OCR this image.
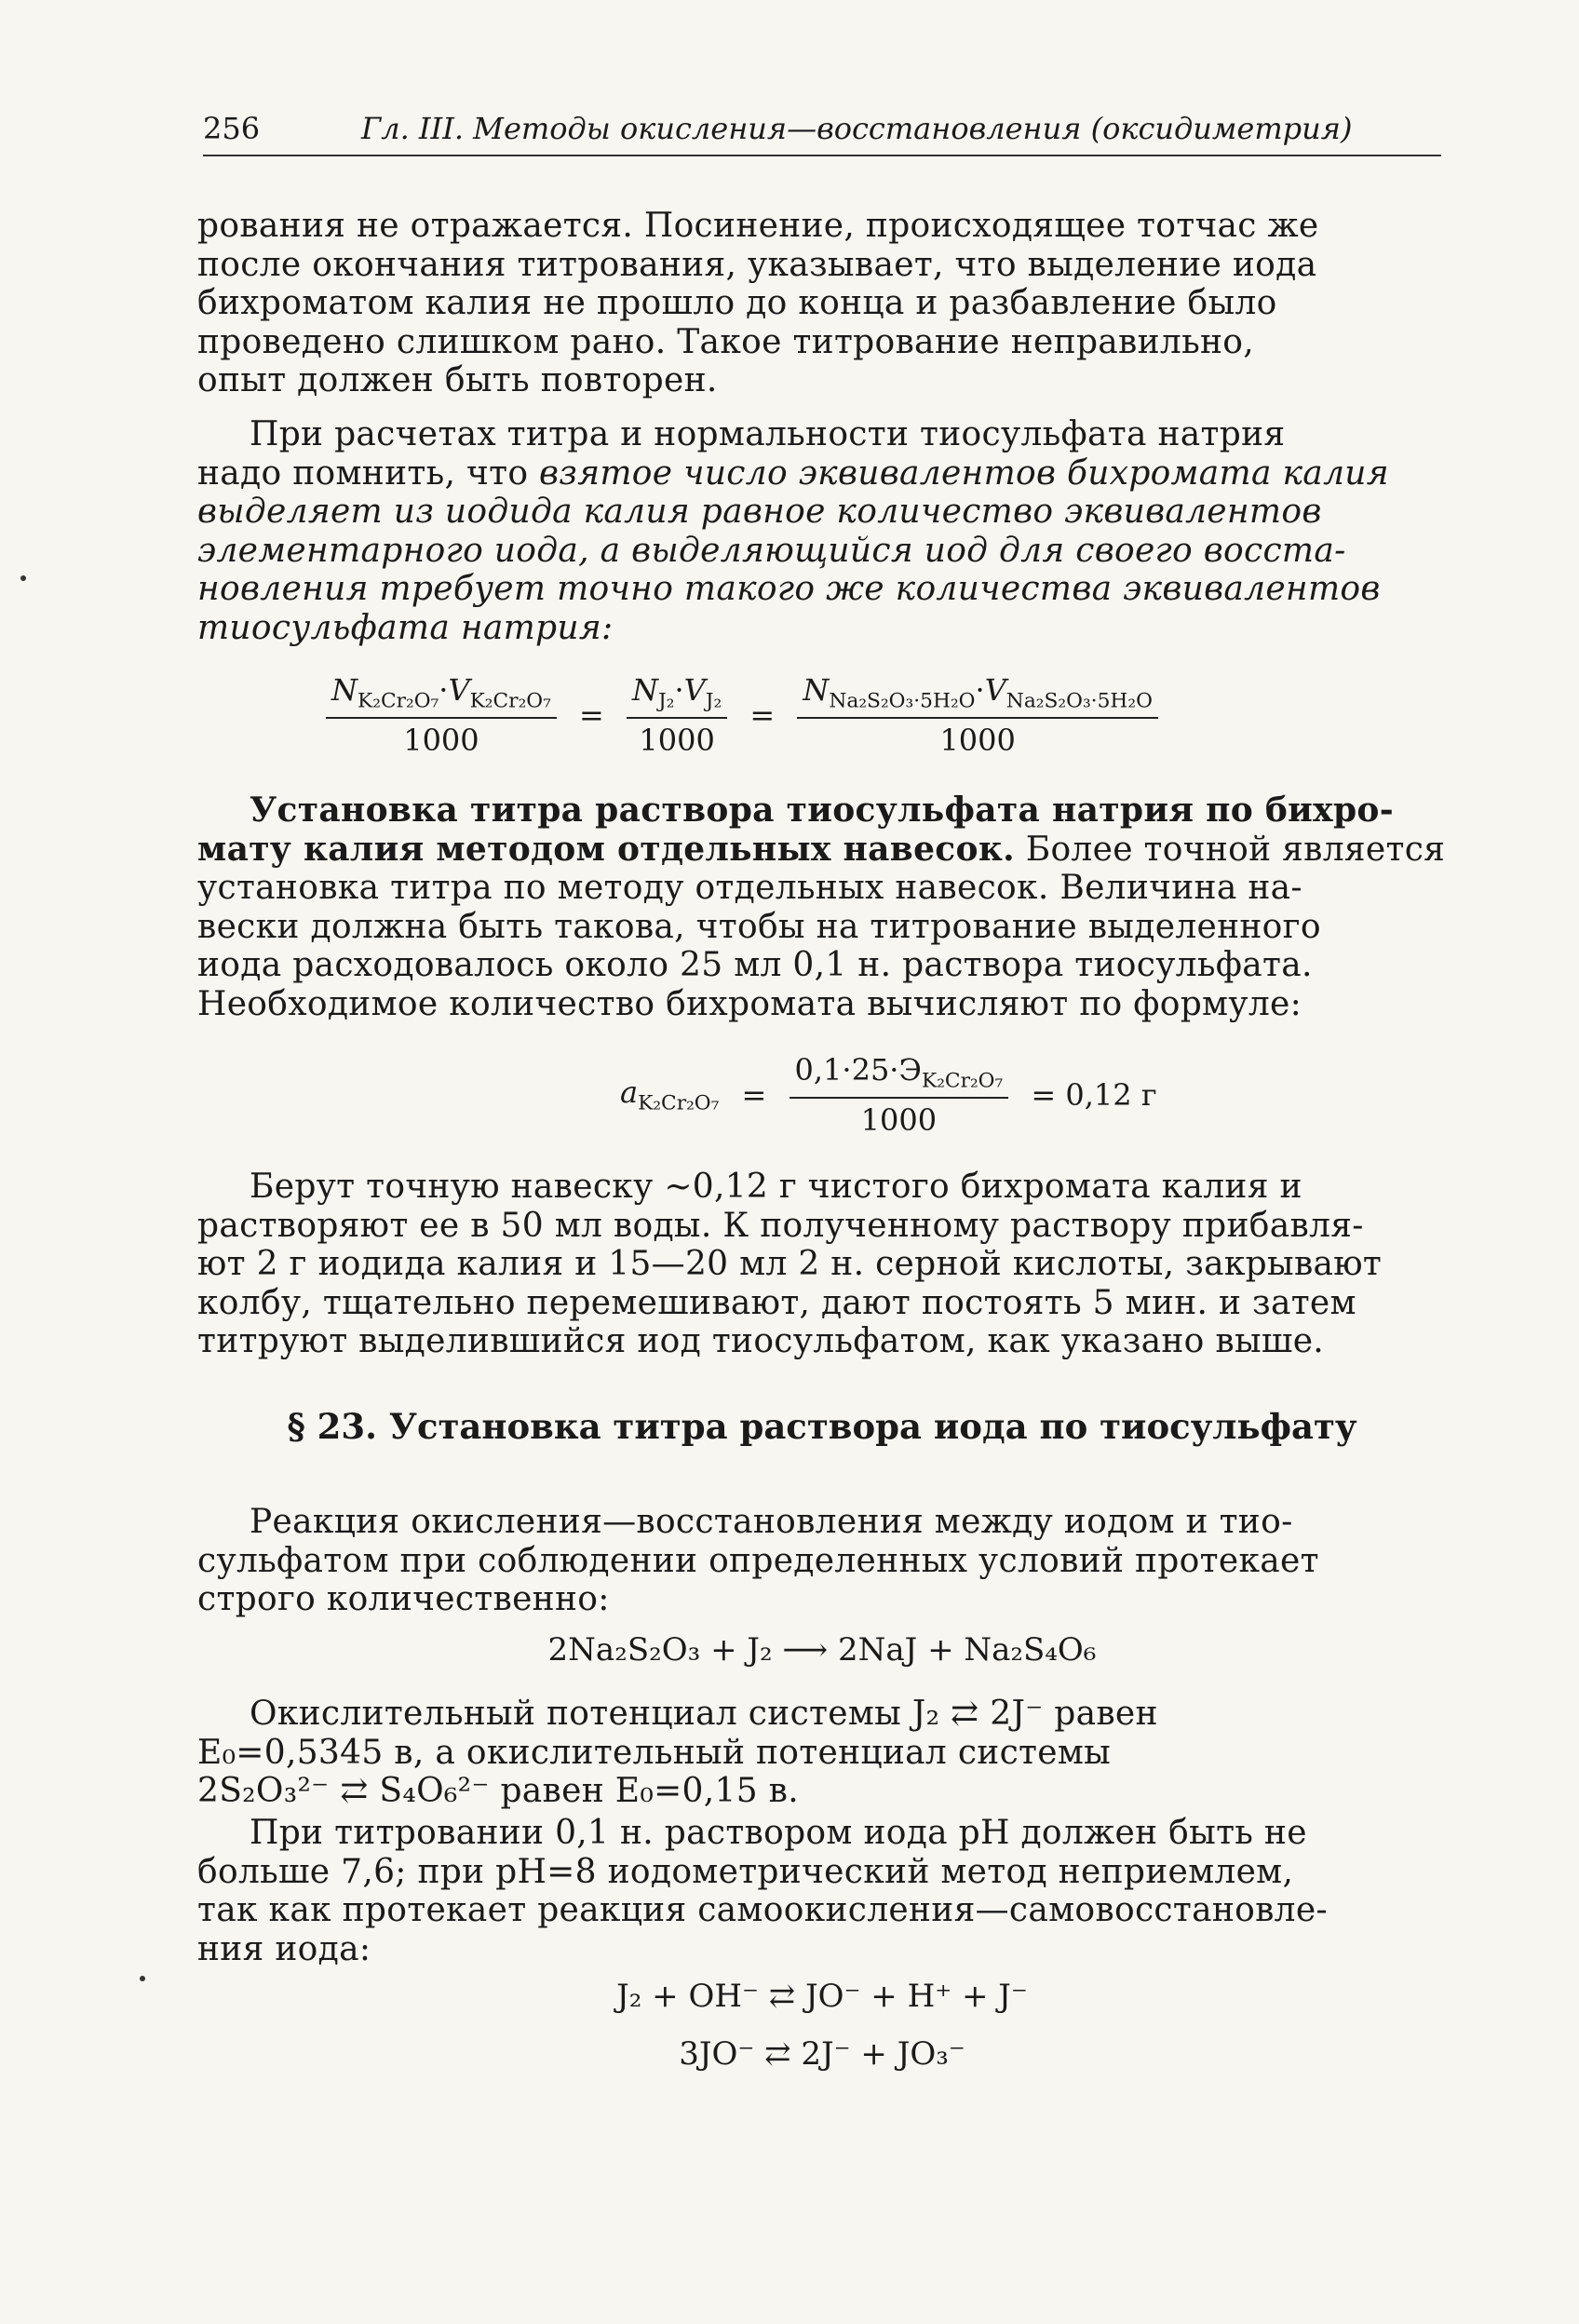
256	Гл. III. Методы окисления—восстановления (оксидиметрия)

рования не отражается. Посинение, происходящее тотчас же
после окончания титрования, указывает, что выделение иода
бихроматом калия не прошло до конца и разбавление было
проведено слишком рано. Такое титрование неправильно,
опыт должен быть повторен.
При расчетах титра и нормальности тиосульфата натрия
надо помнить, что взятое число эквивалентов бихромата калия
выделяет из иодида калия равное количество эквивалентов
элементарного иода, а выделяющийся иод для своего восста-
новления требует точно такого же количества эквивалентов
тиосульфата натрия:
$\frac{N_{K_2Cr_2O_7}\cdot V_{K_2Cr_2O_7}}{1000} = \frac{N_{J_2}\cdot V_{J_2}}{1000} = \frac{N_{Na_2S_2O_3\cdot 5H_2O}\cdot V_{Na_2S_2O_3\cdot 5H_2O}}{1000}$
Установка титра раствора тиосульфата натрия по бихро-
мату калия методом отдельных навесок. Более точной является
установка титра по методу отдельных навесок. Величина на-
вески должна быть такова, чтобы на титрование выделенного
иода расходовалось около 25 мл 0,1 н. раствора тиосульфата.
Необходимое количество бихромата вычисляют по формуле:
$a_{K_2Cr_2O_7} = \frac{0,1\cdot 25\cdot Э_{K_2Cr_2O_7}}{1000} = 0,12$ г
Берут точную навеску ~0,12 г чистого бихромата калия и
растворяют ее в 50 мл воды. К полученному раствору прибавля-
ют 2 г иодида калия и 15—20 мл 2 н. серной кислоты, закрывают
колбу, тщательно перемешивают, дают постоять 5 мин. и затем
титруют выделившийся иод тиосульфатом, как указано выше.
§ 23. Установка титра раствора иода по тиосульфату
Реакция окисления—восстановления между иодом и тио-
сульфатом при соблюдении определенных условий протекает
строго количественно:
2Na₂S₂O₃ + J₂ ⟶ 2NaJ + Na₂S₄O₆
Окислительный потенциал системы J₂ ⇄ 2J⁻ равен
E₀=0,5345 в, а окислительный потенциал системы
2S₂O₃²⁻ ⇄ S₄O₆²⁻ равен E₀=0,15 в.
При титровании 0,1 н. раствором иода pH должен быть не
больше 7,6; при pH=8 иодометрический метод неприемлем,
так как протекает реакция самоокисления—самовосстановле-
ния иода:
J₂ + OH⁻ ⇄ JO⁻ + H⁺ + J⁻
3JO⁻ ⇄ 2J⁻ + JO₃⁻
